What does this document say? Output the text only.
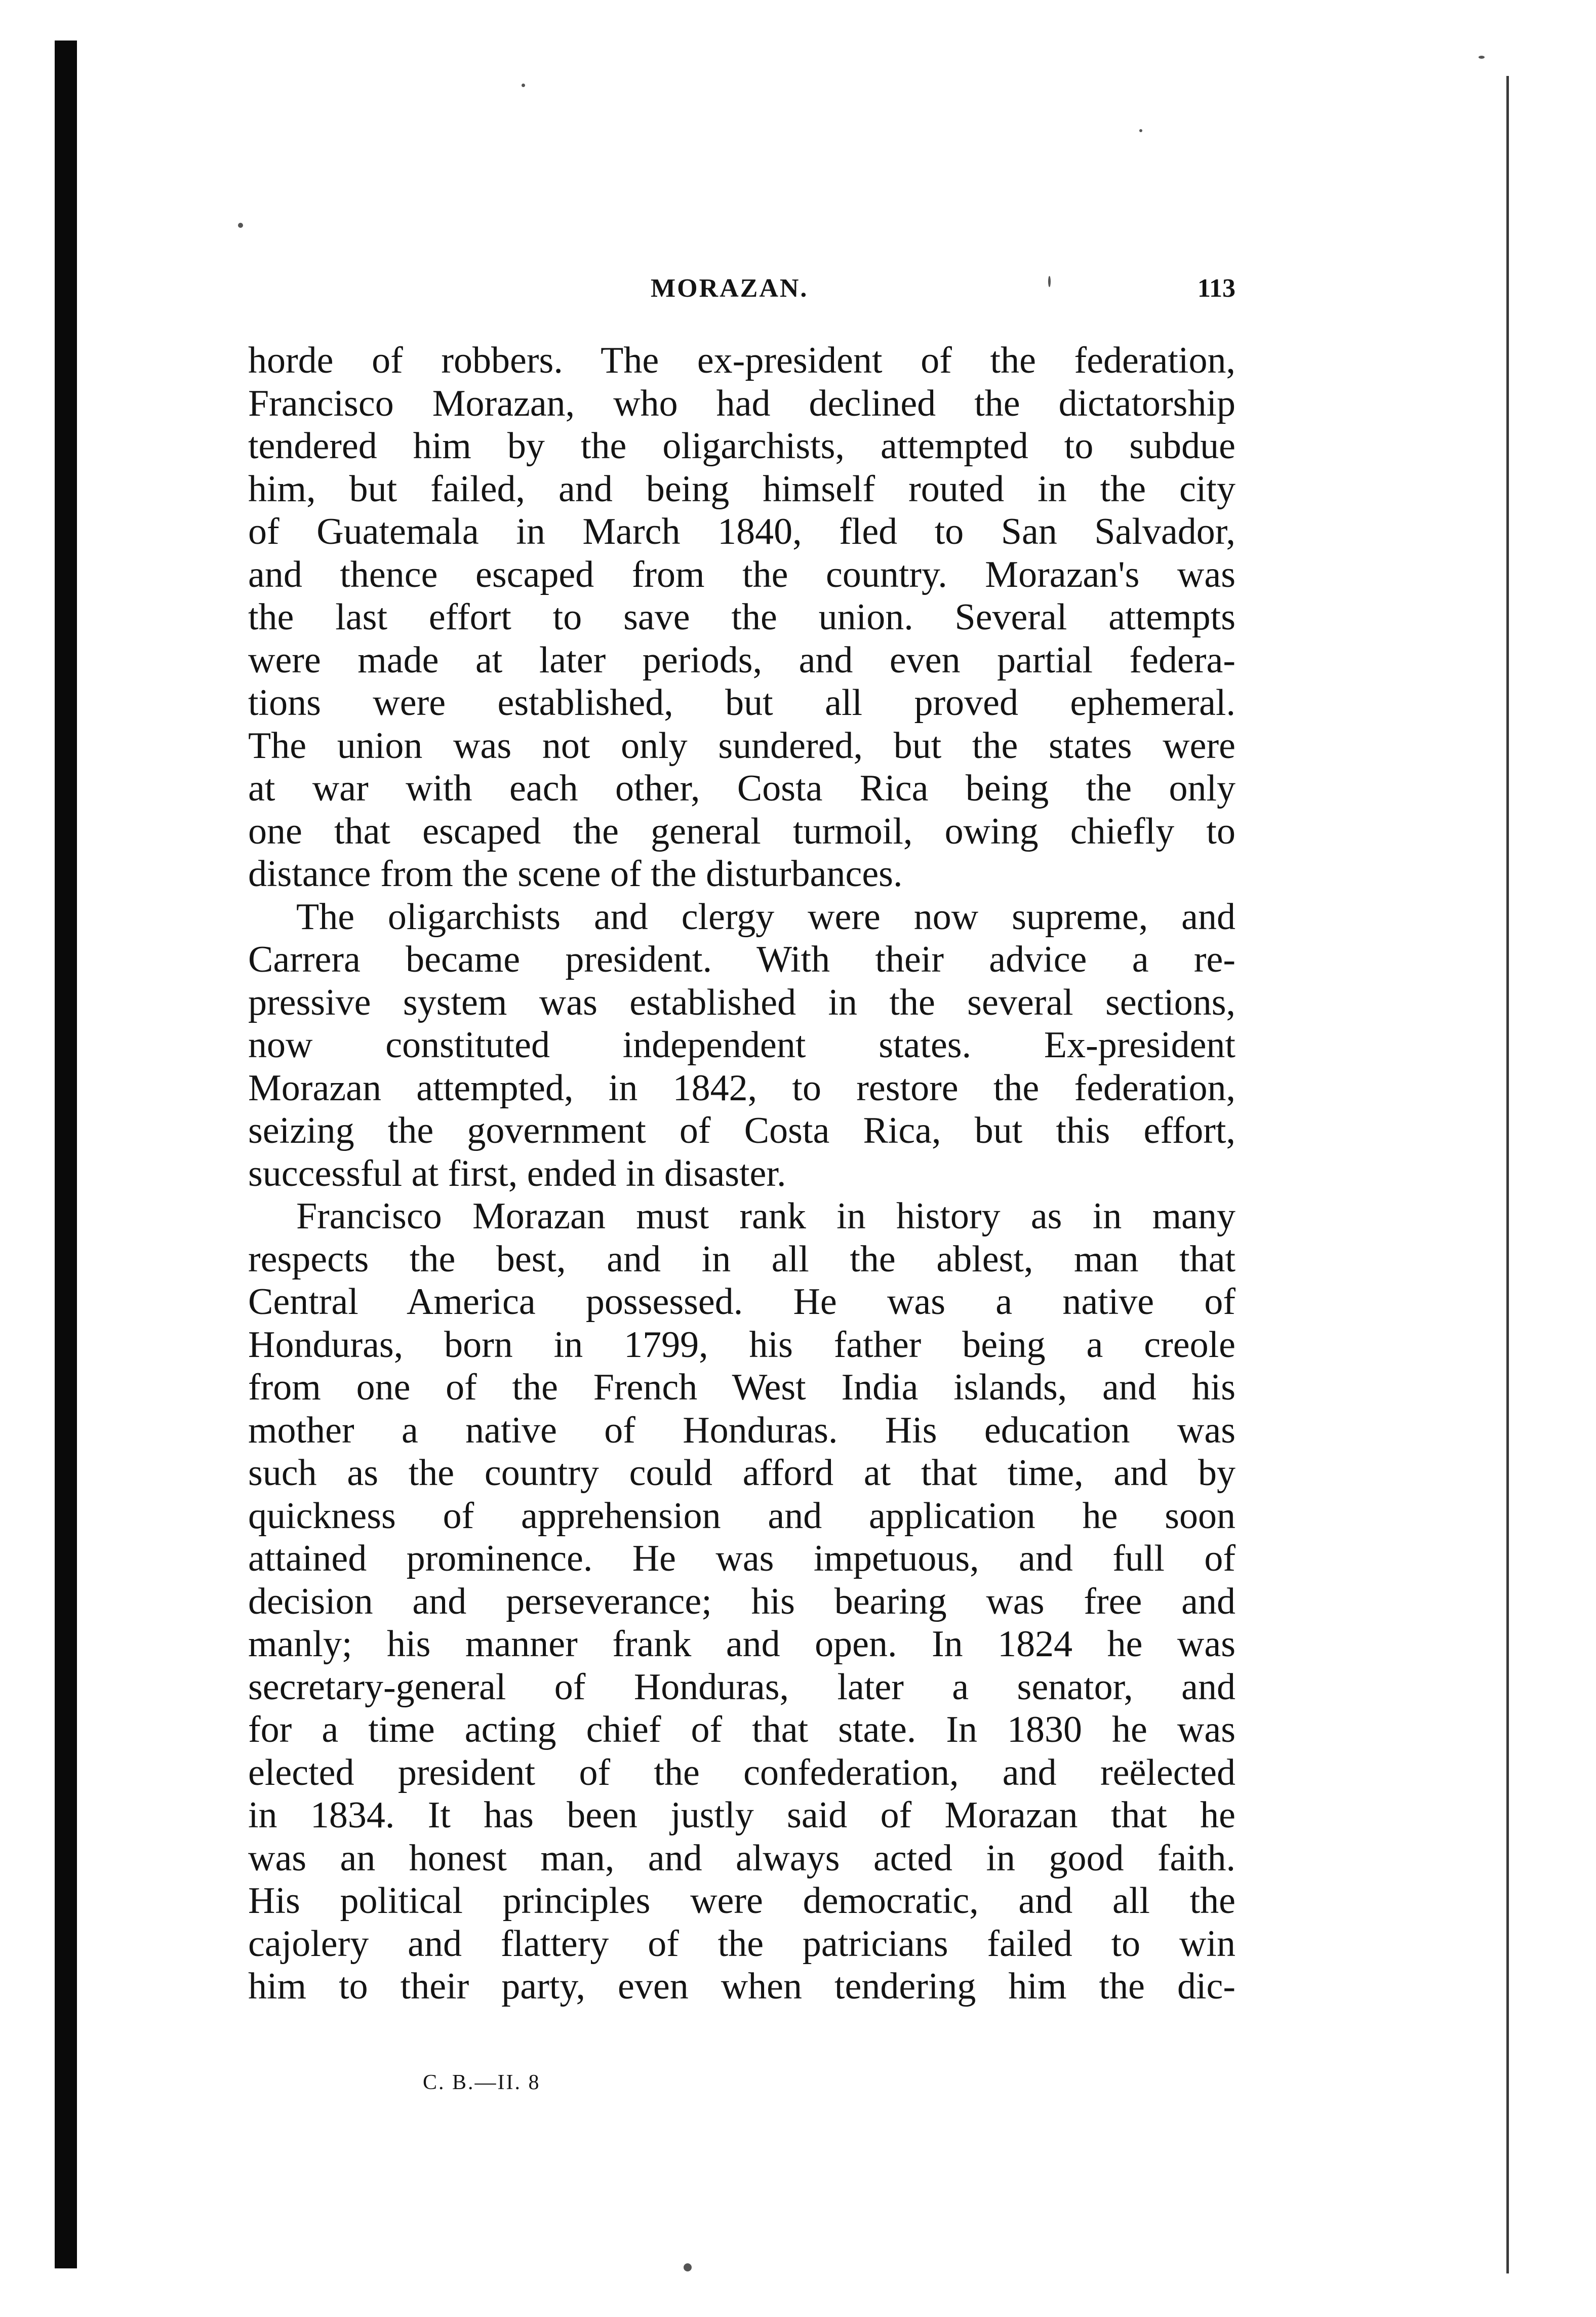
MORAZAN.	113
horde of robbers. The ex-president of the federation,
Francisco Morazan, who had declined the dictatorship
tendered him by the oligarchists, attempted to subdue
him, but failed, and being himself routed in the city
of Guatemala in March 1840, fled to San Salvador,
and thence escaped from the country. Morazan's was
the last effort to save the union. Several attempts
were made at later periods, and even partial federa-
tions were established, but all proved ephemeral.
The union was not only sundered, but the states were
at war with each other, Costa Rica being the only
one that escaped the general turmoil, owing chiefly to
distance from the scene of the disturbances.
The oligarchists and clergy were now supreme, and
Carrera became president. With their advice a re-
pressive system was established in the several sections,
now constituted independent states. Ex-president
Morazan attempted, in 1842, to restore the federation,
seizing the government of Costa Rica, but this effort,
successful at first, ended in disaster.
Francisco Morazan must rank in history as in many
respects the best, and in all the ablest, man that
Central America possessed. He was a native of
Honduras, born in 1799, his father being a creole
from one of the French West India islands, and his
mother a native of Honduras. His education was
such as the country could afford at that time, and by
quickness of apprehension and application he soon
attained prominence. He was impetuous, and full of
decision and perseverance; his bearing was free and
manly; his manner frank and open. In 1824 he was
secretary-general of Honduras, later a senator, and
for a time acting chief of that state. In 1830 he was
elected president of the confederation, and reëlected
in 1834. It has been justly said of Morazan that he
was an honest man, and always acted in good faith.
His political principles were democratic, and all the
cajolery and flattery of the patricians failed to win
him to their party, even when tendering him the dic-
C. B.—II. 8
